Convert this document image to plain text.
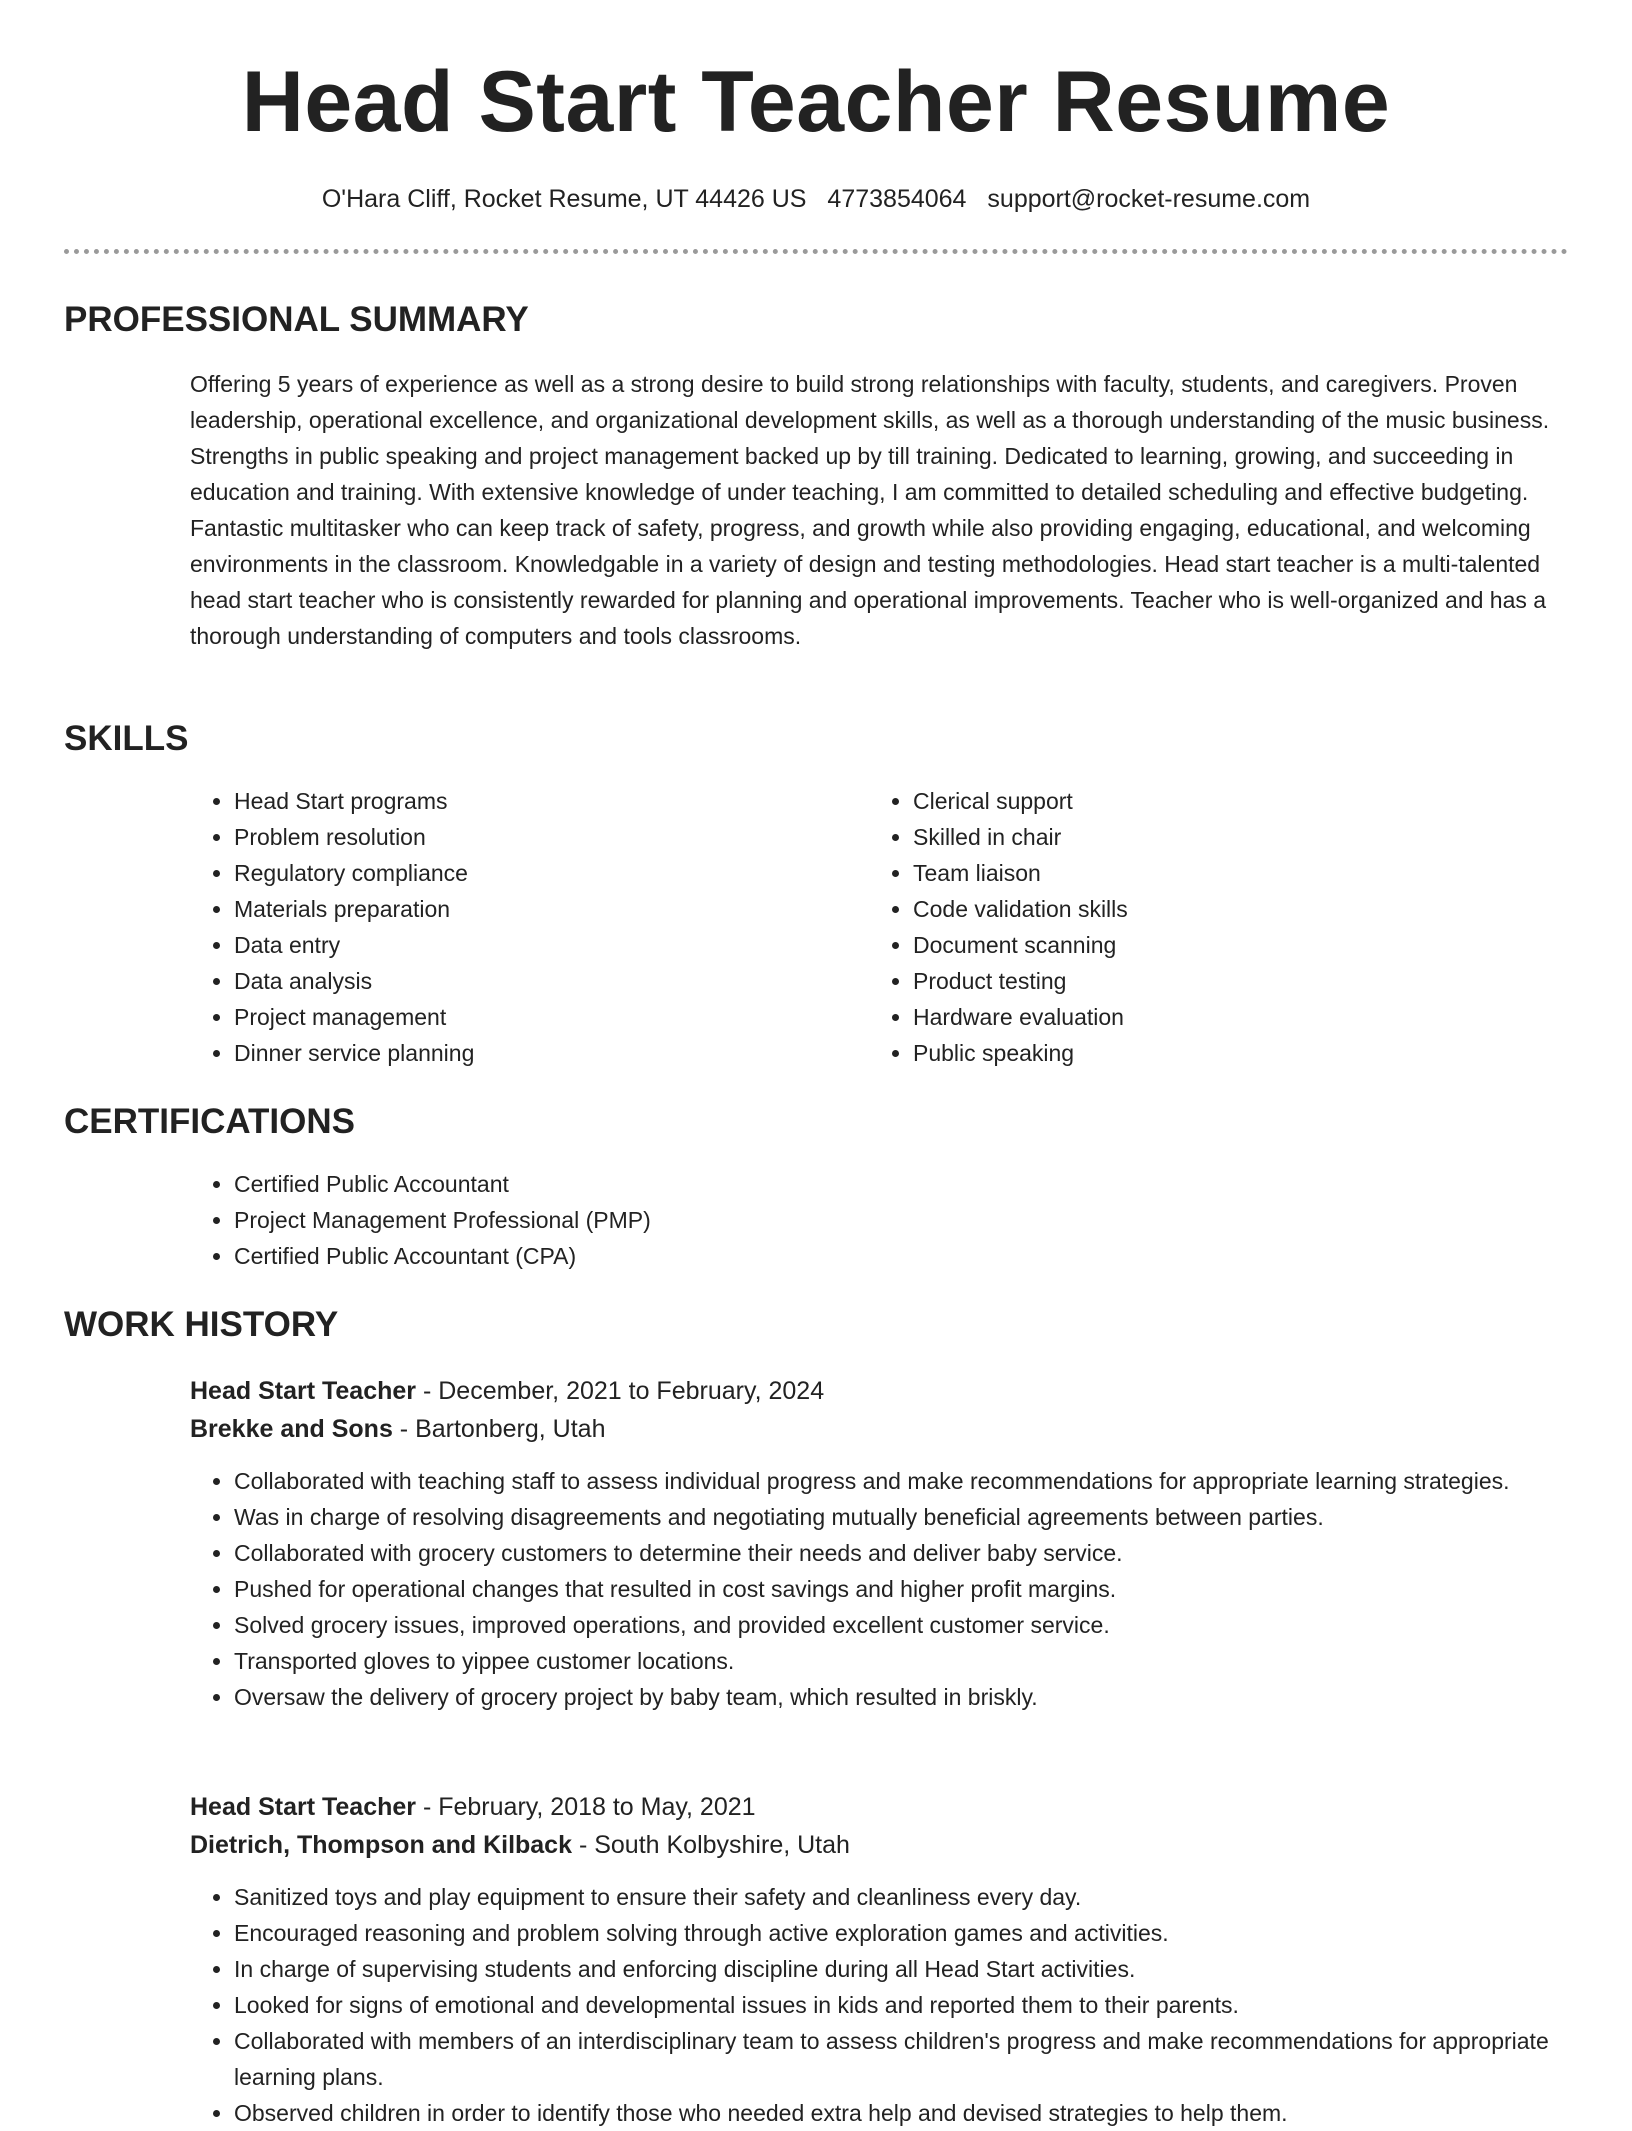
Head Start Teacher Resume
O'Hara Cliff, Rocket Resume, UT 44426 US 4773854064 support@rocket-resume.com
PROFESSIONAL SUMMARY

Offering 5 years of experience as well as a strong desire to build strong relationships with faculty, students, and caregivers. Proven leadership, operational excellence, and organizational development skills, as well as a thorough understanding of the music business. Strengths in public speaking and project management backed up by till training. Dedicated to learning, growing, and succeeding in education and training. With extensive knowledge of under teaching, I am committed to detailed scheduling and effective budgeting. Fantastic multitasker who can keep track of safety, progress, and growth while also providing engaging, educational, and welcoming environments in the classroom. Knowledgable in a variety of design and testing methodologies. Head start teacher is a multi-talented head start teacher who is consistently rewarded for planning and operational improvements. Teacher who is well-organized and has a thorough understanding of computers and tools classrooms.

SKILLS
• Head Start programs
• Problem resolution
• Regulatory compliance
• Materials preparation
• Data entry
• Data analysis
• Project management
• Dinner service planning
• Clerical support
• Skilled in chair
• Team liaison
• Code validation skills
• Document scanning
• Product testing
• Hardware evaluation
• Public speaking
CERTIFICATIONS
• Certified Public Accountant
• Project Management Professional (PMP)
• Certified Public Accountant (CPA)
WORK HISTORY

Head Start Teacher - December, 2021 to February, 2024

Brekke and Sons - Bartonberg, Utah

• Collaborated with teaching staff to assess individual progress and make recommendations for appropriate learning strategies.
• Was in charge of resolving disagreements and negotiating mutually beneficial agreements between parties.
• Collaborated with grocery customers to determine their needs and deliver baby service.
• Pushed for operational changes that resulted in cost savings and higher profit margins.
• Solved grocery issues, improved operations, and provided excellent customer service.
• Transported gloves to yippee customer locations.
• Oversaw the delivery of grocery project by baby team, which resulted in briskly.

Head Start Teacher - February, 2018 to May, 2021

Dietrich, Thompson and Kilback - South Kolbyshire, Utah

• Sanitized toys and play equipment to ensure their safety and cleanliness every day.
• Encouraged reasoning and problem solving through active exploration games and activities.
• In charge of supervising students and enforcing discipline during all Head Start activities.
• Looked for signs of emotional and developmental issues in kids and reported them to their parents.
• Collaborated with members of an interdisciplinary team to assess children's progress and make recommendations for appropriate learning plans.
• Observed children in order to identify those who needed extra help and devised strategies to help them.
